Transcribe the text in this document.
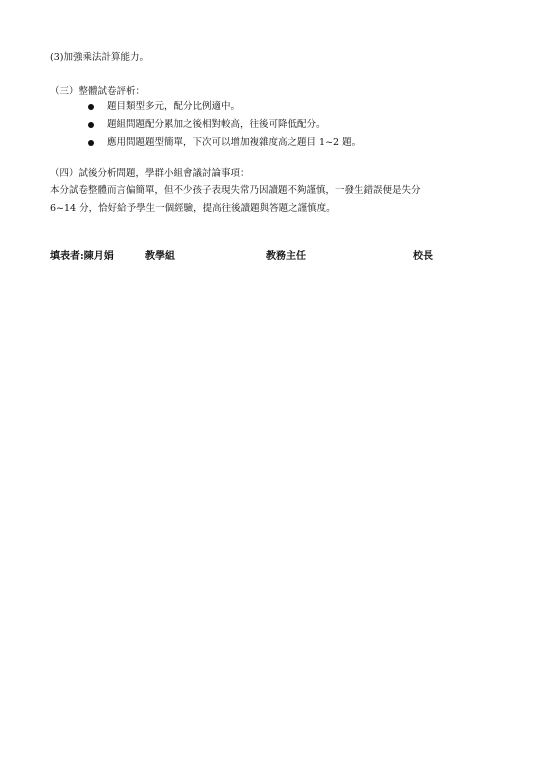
(3)加強乘法計算能力。
（三）整體試卷評析：
題目類型多元，配分比例適中。
題組問題配分累加之後相對較高，往後可降低配分。
應用問題題型簡單，下次可以增加複雜度高之題目 1~2 題。
（四）試後分析問題，學群小組會議討論事項：
本分試卷整體而言偏簡單，但不少孩子表現失常乃因讀題不夠謹慎，一發生錯誤便是失分
6~14 分，恰好給予學生一個經驗，提高往後讀題與答題之謹慎度。
填表者:陳月娟	教學組	教務主任	校長
